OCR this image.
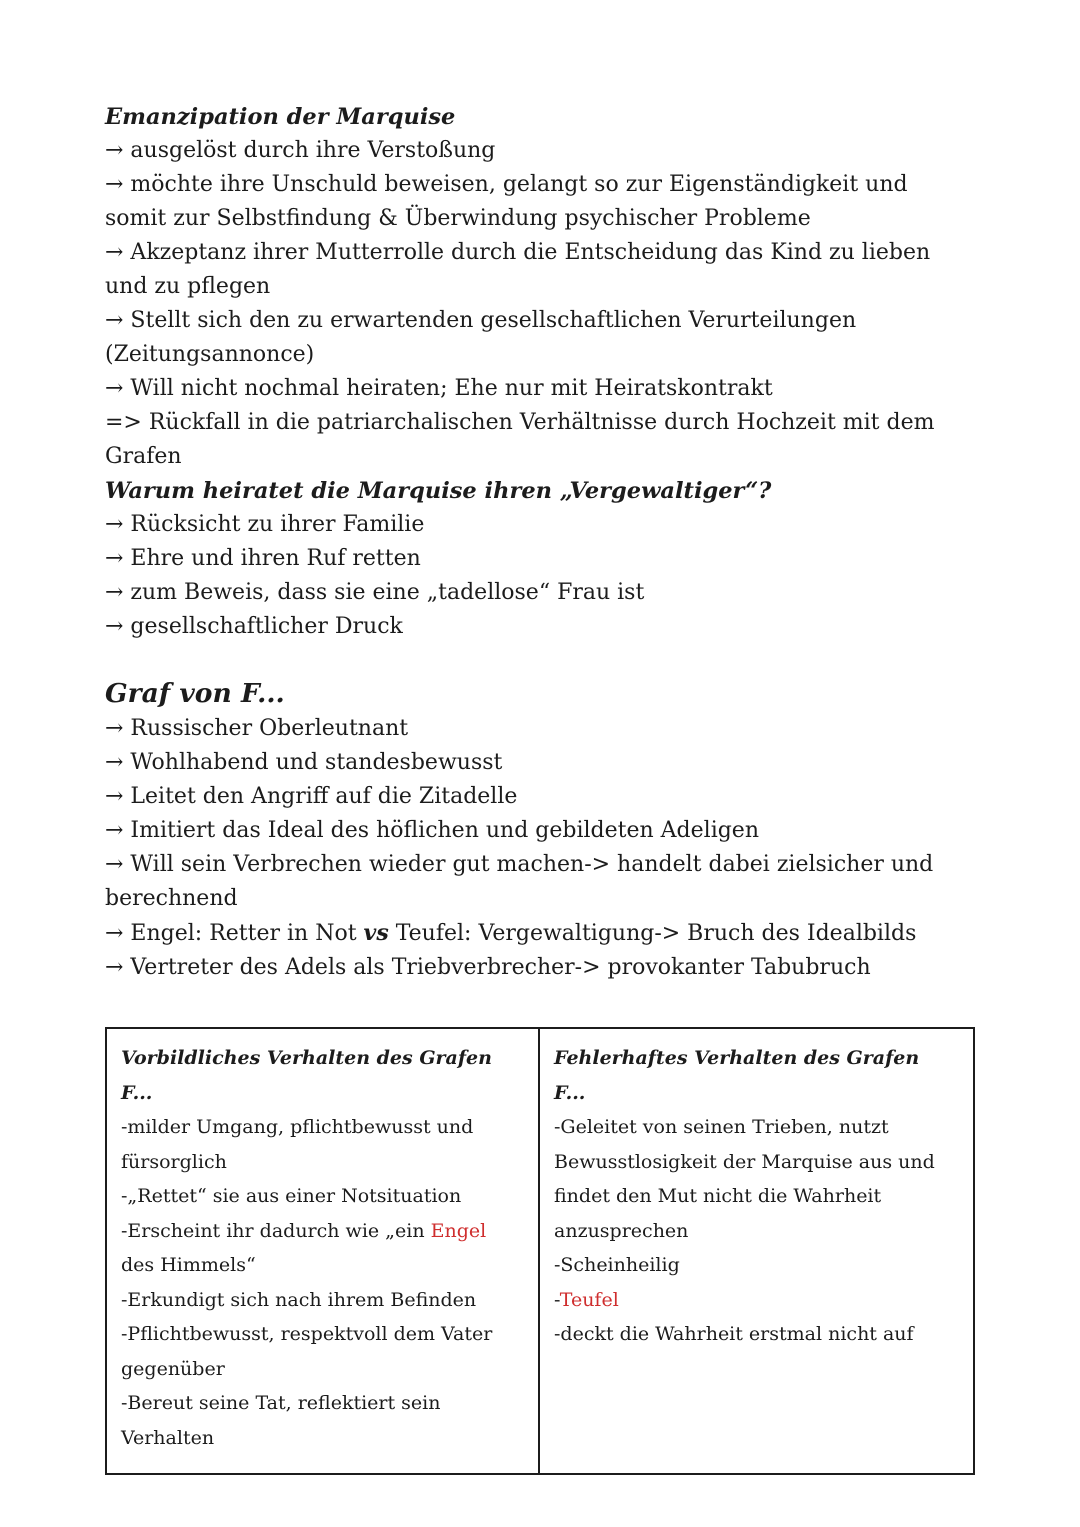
Emanzipation der Marquise

→ ausgelöst durch ihre Verstoßung

→ möchte ihre Unschuld beweisen, gelangt so zur Eigenständigkeit und somit zur Selbstfindung & Überwindung psychischer Probleme

→ Akzeptanz ihrer Mutterrolle durch die Entscheidung das Kind zu lieben und zu pflegen

→ Stellt sich den zu erwartenden gesellschaftlichen Verurteilungen (Zeitungsannonce)

→ Will nicht nochmal heiraten; Ehe nur mit Heiratskontrakt

=> Rückfall in die patriarchalischen Verhältnisse durch Hochzeit mit dem Grafen

Warum heiratet die Marquise ihren „Vergewaltiger“?

→ Rücksicht zu ihrer Familie

→ Ehre und ihren Ruf retten

→ zum Beweis, dass sie eine „tadellose“ Frau ist

→ gesellschaftlicher Druck

Graf von F...

→ Russischer Oberleutnant

→ Wohlhabend und standesbewusst

→ Leitet den Angriff auf die Zitadelle

→ Imitiert das Ideal des höflichen und gebildeten Adeligen

→ Will sein Verbrechen wieder gut machen-> handelt dabei zielsicher und berechnend

→ Engel: Retter in Not vs Teufel: Vergewaltigung-> Bruch des Idealbilds

→ Vertreter des Adels als Triebverbrecher-> provokanter Tabubruch

Vorbildliches Verhalten des Grafen F...

-milder Umgang, pflichtbewusst und fürsorglich

-„Rettet“ sie aus einer Notsituation

-Erscheint ihr dadurch wie „ein Engel des Himmels“

-Erkundigt sich nach ihrem Befinden

-Pflichtbewusst, respektvoll dem Vater gegenüber

-Bereut seine Tat, reflektiert sein Verhalten

Fehlerhaftes Verhalten des Grafen F...

-Geleitet von seinen Trieben, nutzt Bewusstlosigkeit der Marquise aus und findet den Mut nicht die Wahrheit anzusprechen

-Scheinheilig

-Teufel

-deckt die Wahrheit erstmal nicht auf
